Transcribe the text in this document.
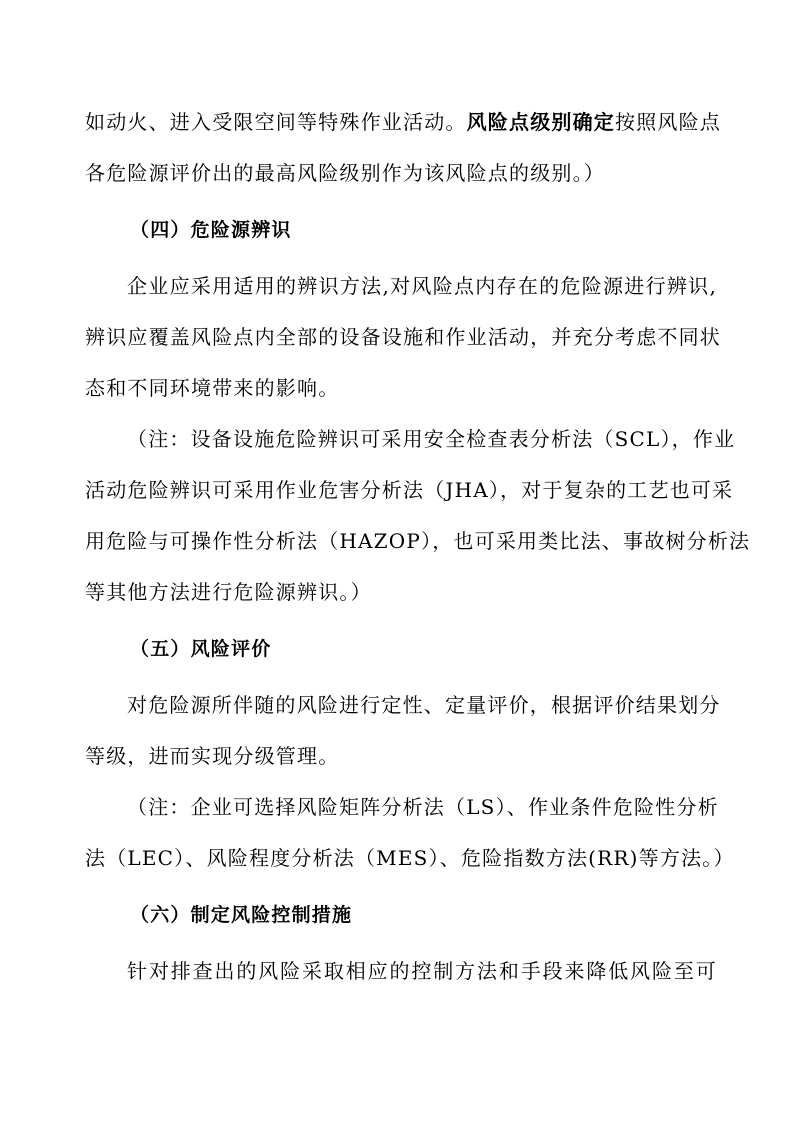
如动火、进入受限空间等特殊作业活动。风险点级别确定按照风险点
各危险源评价出的最高风险级别作为该风险点的级别。）
（四）危险源辨识
企业应采用适用的辨识方法,对风险点内存在的危险源进行辨识,
辨识应覆盖风险点内全部的设备设施和作业活动，并充分考虑不同状
态和不同环境带来的影响。
（注：设备设施危险辨识可采用安全检查表分析法（SCL），作业
活动危险辨识可采用作业危害分析法（JHA），对于复杂的工艺也可采
用危险与可操作性分析法（HAZOP），也可采用类比法、事故树分析法
等其他方法进行危险源辨识。）
（五）风险评价
对危险源所伴随的风险进行定性、定量评价，根据评价结果划分
等级，进而实现分级管理。
（注：企业可选择风险矩阵分析法（LS）、作业条件危险性分析
法（LEC）、风险程度分析法（MES）、危险指数方法(RR)等方法。）
（六）制定风险控制措施
针对排查出的风险采取相应的控制方法和手段来降低风险至可
